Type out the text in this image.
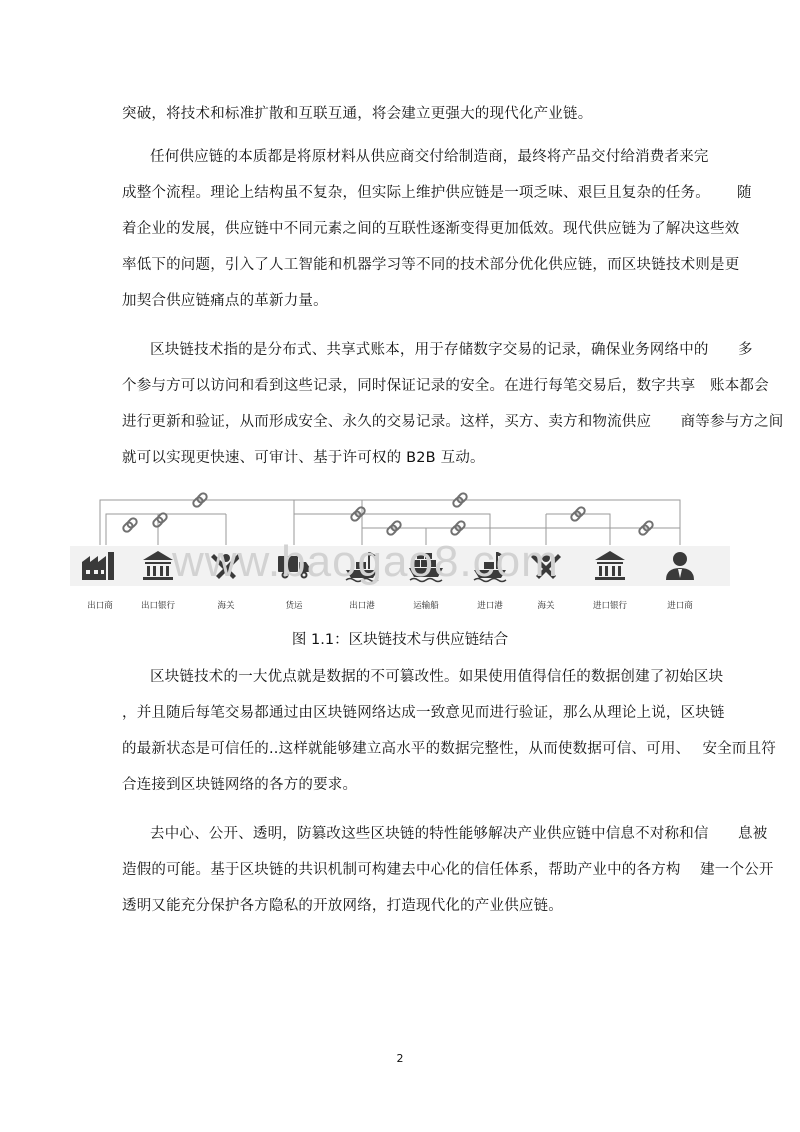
突破，将技术和标准扩散和互联互通，将会建立更强大的现代化产业链。
任何供应链的本质都是将原材料从供应商交付给制造商，最终将产品交付给消费者来完
成整个流程。理论上结构虽不复杂，但实际上维护供应链是一项乏味、艰巨且复杂的任务。　　 随
着企业的发展，供应链中不同元素之间的互联性逐渐变得更加低效。现代供应链为了解决这些效
率低下的问题，引入了人工智能和机器学习等不同的技术部分优化供应链，而区块链技术则是更
加契合供应链痛点的革新力量。
区块链技术指的是分布式、共享式账本，用于存储数字交易的记录，确保业务网络中的　　多
个参与方可以访问和看到这些记录，同时保证记录的安全。在进行每笔交易后，数字共享　账本都会
进行更新和验证，从而形成安全、永久的交易记录。这样，买方、卖方和物流供应　　商等参与方之间
就可以实现更快速、可审计、基于许可权的 B2B 互动。
www.baogao8.com
出口商	出口银行	海关	货运	出口港	运输船	进口港	海关	进口银行	进口商
图 1.1：区块链技术与供应链结合
区块链技术的一大优点就是数据的不可篡改性。如果使用值得信任的数据创建了初始区块
，并且随后每笔交易都通过由区块链网络达成一致意见而进行验证，那么从理论上说，区块链
的最新状态是可信任的..这样就能够建立高水平的数据完整性，从而使数据可信、可用、　 安全而且符
合连接到区块链网络的各方的要求。
去中心、公开、透明，防篡改这些区块链的特性能够解决产业供应链中信息不对称和信　　息被
造假的可能。基于区块链的共识机制可构建去中心化的信任体系，帮助产业中的各方构　 建一个公开
透明又能充分保护各方隐私的开放网络，打造现代化的产业供应链。
2
